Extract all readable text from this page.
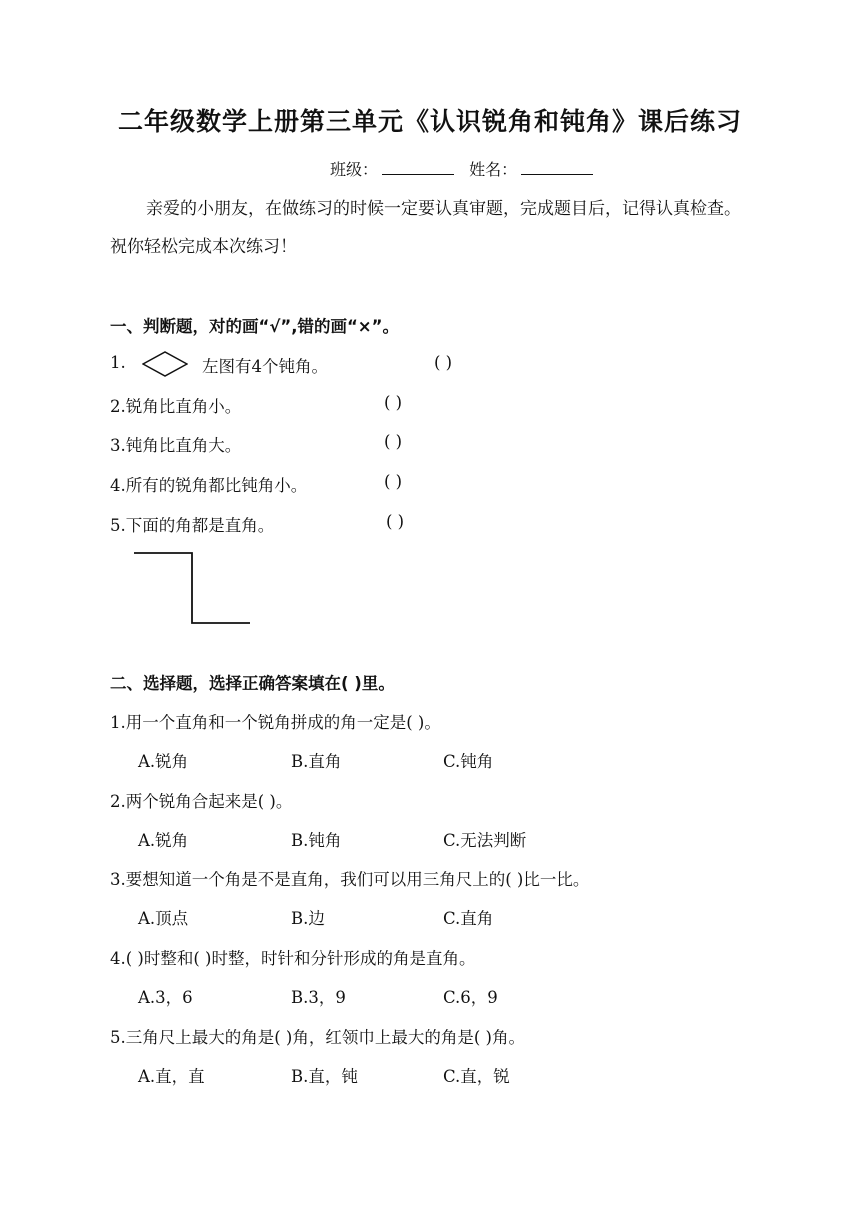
二年级数学上册第三单元《认识锐角和钝角》课后练习
班级：	姓名：
亲爱的小朋友，在做练习的时候一定要认真审题，完成题目后，记得认真检查。祝你轻松完成本次练习！
一、判断题，对的画“√”,错的画“×”。
1.	左图有4个钝角。	( )
2.锐角比直角小。	( )
3.钝角比直角大。	( )
4.所有的锐角都比钝角小。	( )
5.下面的角都是直角。	( )
二、选择题，选择正确答案填在( )里。
1.用一个直角和一个锐角拼成的角一定是( )。
A.锐角	B.直角	C.钝角
2.两个锐角合起来是( )。
A.锐角	B.钝角	C.无法判断
3.要想知道一个角是不是直角，我们可以用三角尺上的( )比一比。
A.顶点	B.边	C.直角
4.( )时整和( )时整，时针和分针形成的角是直角。
A.3，6	B.3，9	C.6，9
5.三角尺上最大的角是( )角，红领巾上最大的角是( )角。
A.直，直	B.直，钝	C.直，锐
